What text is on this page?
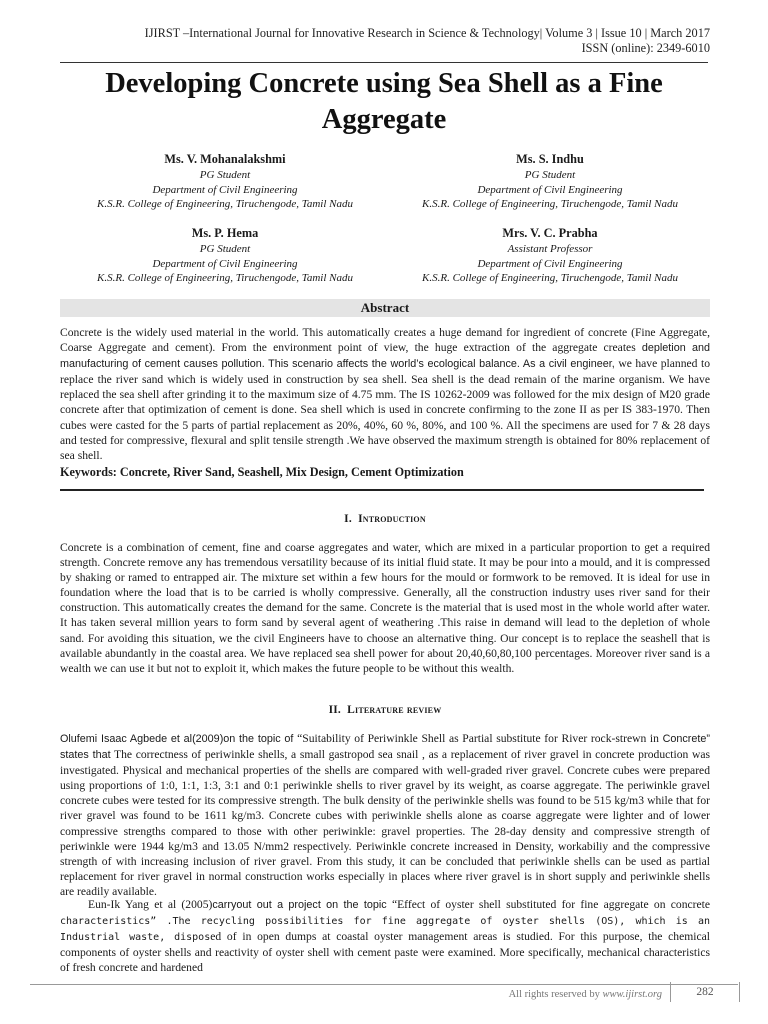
IJIRST –International Journal for Innovative Research in Science & Technology| Volume 3 | Issue 10 | March 2017
ISSN (online): 2349-6010
Developing Concrete using Sea Shell as a Fine Aggregate
Ms. V. Mohanalakshmi
PG Student
Department of Civil Engineering
K.S.R. College of Engineering, Tiruchengode, Tamil Nadu
Ms. S. Indhu
PG Student
Department of Civil Engineering
K.S.R. College of Engineering, Tiruchengode, Tamil Nadu
Ms. P. Hema
PG Student
Department of Civil Engineering
K.S.R. College of Engineering, Tiruchengode, Tamil Nadu
Mrs. V. C. Prabha
Assistant Professor
Department of Civil Engineering
K.S.R. College of Engineering, Tiruchengode, Tamil Nadu
Abstract

Concrete is the widely used material in the world. This automatically creates a huge demand for ingredient of concrete (Fine Aggregate, Coarse Aggregate and cement). From the environment point of view, the huge extraction of the aggregate creates depletion and manufacturing of cement causes pollution. This scenario affects the world’s ecological balance. As a civil engineer, we have planned to replace the river sand which is widely used in construction by sea shell. Sea shell is the dead remain of the marine organism. We have replaced the sea shell after grinding it to the maximum size of 4.75 mm. The IS 10262-2009 was followed for the mix design of M20 grade concrete after that optimization of cement is done. Sea shell which is used in concrete confirming to the zone II as per IS 383-1970. Then cubes were casted for the 5 parts of partial replacement as 20%, 40%, 60 %, 80%, and 100 %. All the specimens are used for 7 & 28 days and tested for compressive, flexural and split tensile strength .We have observed the maximum strength is obtained for 80% replacement of sea shell.

Keywords: Concrete, River Sand, Seashell, Mix Design, Cement Optimization
I. Introduction

Concrete is a combination of cement, fine and coarse aggregates and water, which are mixed in a particular proportion to get a required strength. Concrete remove any has tremendous versatility because of its initial fluid state. It may be pour into a mould, and it is compressed by shaking or ramed to entrapped air. The mixture set within a few hours for the mould or formwork to be removed. It is ideal for use in foundation where the load that is to be carried is wholly compressive. Generally, all the construction industry uses river sand for their construction. This automatically creates the demand for the same. Concrete is the material that is used most in the whole world after water. It has taken several million years to form sand by several agent of weathering .This raise in demand will lead to the depletion of whole sand. For avoiding this situation, we the civil Engineers have to choose an alternative thing. Our concept is to replace the seashell that is available abundantly in the coastal area. We have replaced sea shell power for about 20,40,60,80,100 percentages. Moreover river sand is a wealth we can use it but not to exploit it, which makes the future people to be without this wealth.

II. Literature review

Olufemi Isaac Agbede et al(2009)on the topic of “Suitability of Periwinkle Shell as Partial substitute for River rock-strewn in Concrete” states that The correctness of periwinkle shells, a small gastropod sea snail , as a replacement of river gravel in concrete production was investigated. Physical and mechanical properties of the shells are compared with well-graded river gravel. Concrete cubes were prepared using proportions of 1:0, 1:1, 1:3, 3:1 and 0:1 periwinkle shells to river gravel by its weight, as coarse aggregate. The periwinkle gravel concrete cubes were tested for its compressive strength. The bulk density of the periwinkle shells was found to be 515 kg/m3 while that for river gravel was found to be 1611 kg/m3. Concrete cubes with periwinkle shells alone as coarse aggregate were lighter and of lower compressive strengths compared to those with other periwinkle: gravel properties. The 28-day density and compressive strength of periwinkle were 1944 kg/m3 and 13.05 N/mm2 respectively. Periwinkle concrete increased in Density, workabiliy and the compressive strength of with increasing inclusion of river gravel. From this study, it can be concluded that periwinkle shells can be used as partial replacement for river gravel in normal construction works especially in places where river gravel is in short supply and periwinkle shells are readily available.

Eun-Ik Yang et al (2005)carryout out a project on the topic “Effect of oyster shell substituted for fine aggregate on concrete characteristics” .The recycling possibilities for fine aggregate of oyster shells (OS), which is an Industrial waste, disposed of in open dumps at coastal oyster management areas is studied. For this purpose, the chemical components of oyster shells and reactivity of oyster shell with cement paste were examined. More specifically, mechanical characteristics of fresh concrete and hardened

All rights reserved by www.ijirst.org	282
